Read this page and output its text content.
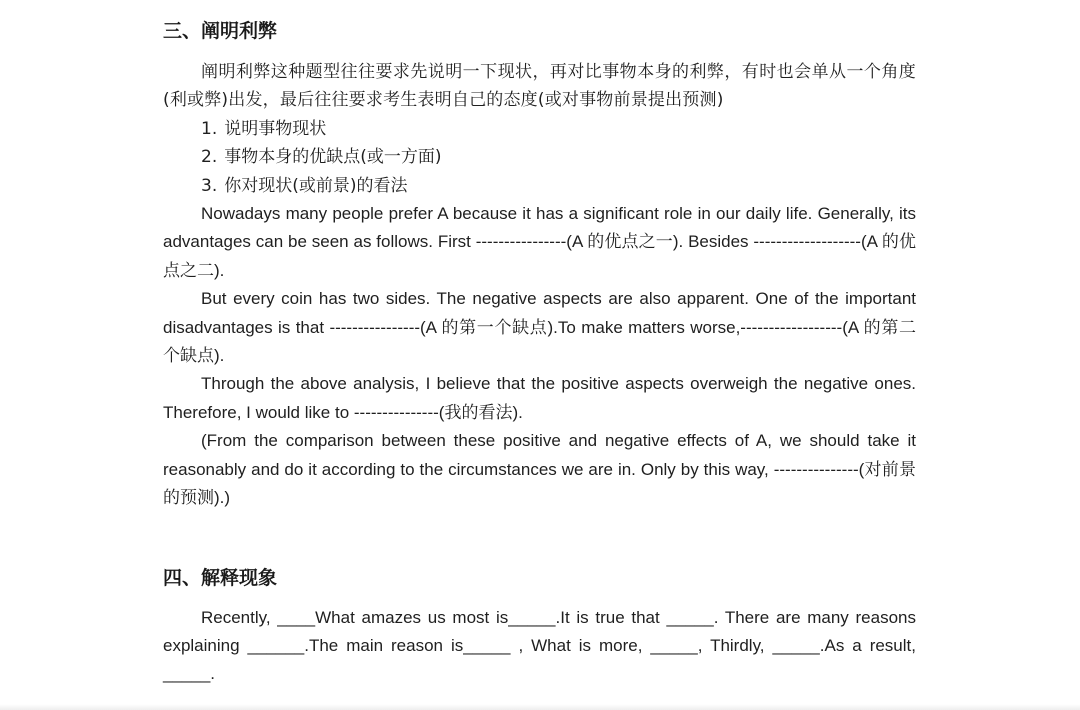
三、阐明利弊

阐明利弊这种题型往往要求先说明一下现状，再对比事物本身的利弊，有时也会单从一个角度(利或弊)出发，最后往往要求考生表明自己的态度(或对事物前景提出预测)

1. 说明事物现状
2. 事物本身的优缺点(或一方面)
3. 你对现状(或前景)的看法

Nowadays many people prefer A because it has a significant role in our daily life. Generally, its advantages can be seen as follows. First ----------------(A 的优点之一). Besides -------------------(A 的优点之二).

But every coin has two sides. The negative aspects are also apparent. One of the important disadvantages is that ----------------(A 的第一个缺点).To make matters worse,------------------(A 的第二个缺点).

Through the above analysis, I believe that the positive aspects overweigh the negative ones. Therefore, I would like to ---------------(我的看法).

(From the comparison between these positive and negative effects of A, we should take it reasonably and do it according to the circumstances we are in. Only by this way, ---------------(对前景的预测).)

四、解释现象

Recently, ____What amazes us most is_____.It is true that _____. There are many reasons explaining ______.The main reason is_____ , What is more, _____, Thirdly, _____.As a result, _____.
